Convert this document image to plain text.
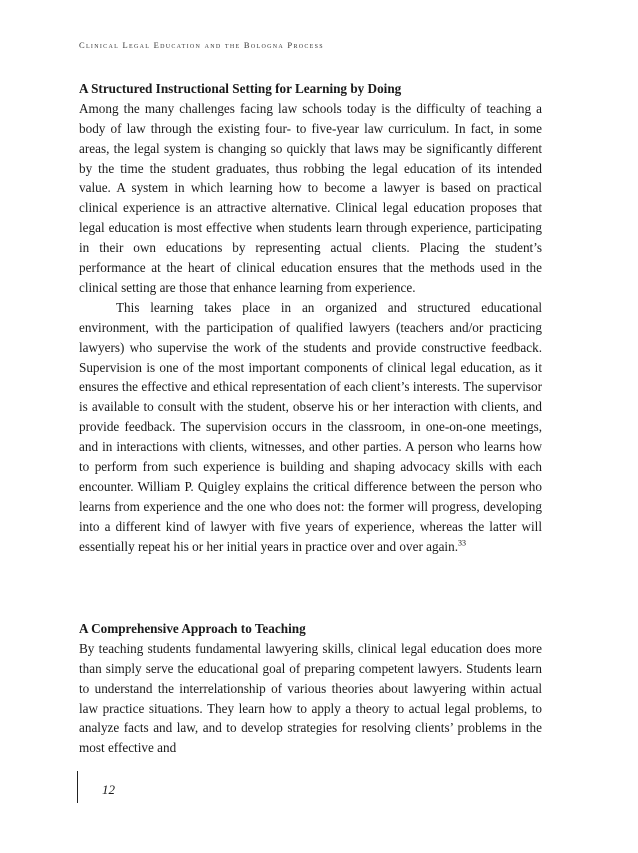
Clinical Legal Education and the Bologna Process
A Structured Instructional Setting for Learning by Doing

Among the many challenges facing law schools today is the difficulty of teaching a body of law through the existing four- to five-year law curriculum. In fact, in some areas, the legal system is changing so quickly that laws may be significantly different by the time the student graduates, thus robbing the legal education of its intended value. A system in which learning how to become a lawyer is based on practical clinical experience is an attractive alternative. Clinical legal education proposes that legal education is most effective when students learn through experience, participating in their own educations by representing actual clients. Placing the student’s performance at the heart of clinical education ensures that the methods used in the clinical setting are those that enhance learning from experience.

This learning takes place in an organized and structured educational environment, with the participation of qualified lawyers (teachers and/or practicing lawyers) who supervise the work of the students and provide constructive feedback. Supervision is one of the most important components of clinical legal education, as it ensures the effective and ethical representation of each client’s interests. The supervisor is available to consult with the student, observe his or her interaction with clients, and provide feedback. The supervision occurs in the classroom, in one-on-one meetings, and in interactions with clients, witnesses, and other parties. A person who learns how to perform from such experience is building and shaping advocacy skills with each encounter. William P. Quigley explains the critical difference between the person who learns from experience and the one who does not: the former will progress, developing into a different kind of lawyer with five years of experience, whereas the latter will essentially repeat his or her initial years in practice over and over again.$^{33}$

A Comprehensive Approach to Teaching

By teaching students fundamental lawyering skills, clinical legal education does more than simply serve the educational goal of preparing competent lawyers. Students learn to understand the interrelationship of various theories about lawyering within actual law practice situations. They learn how to apply a theory to actual legal problems, to analyze facts and law, and to develop strategies for resolving clients’ problems in the most effective and

12
